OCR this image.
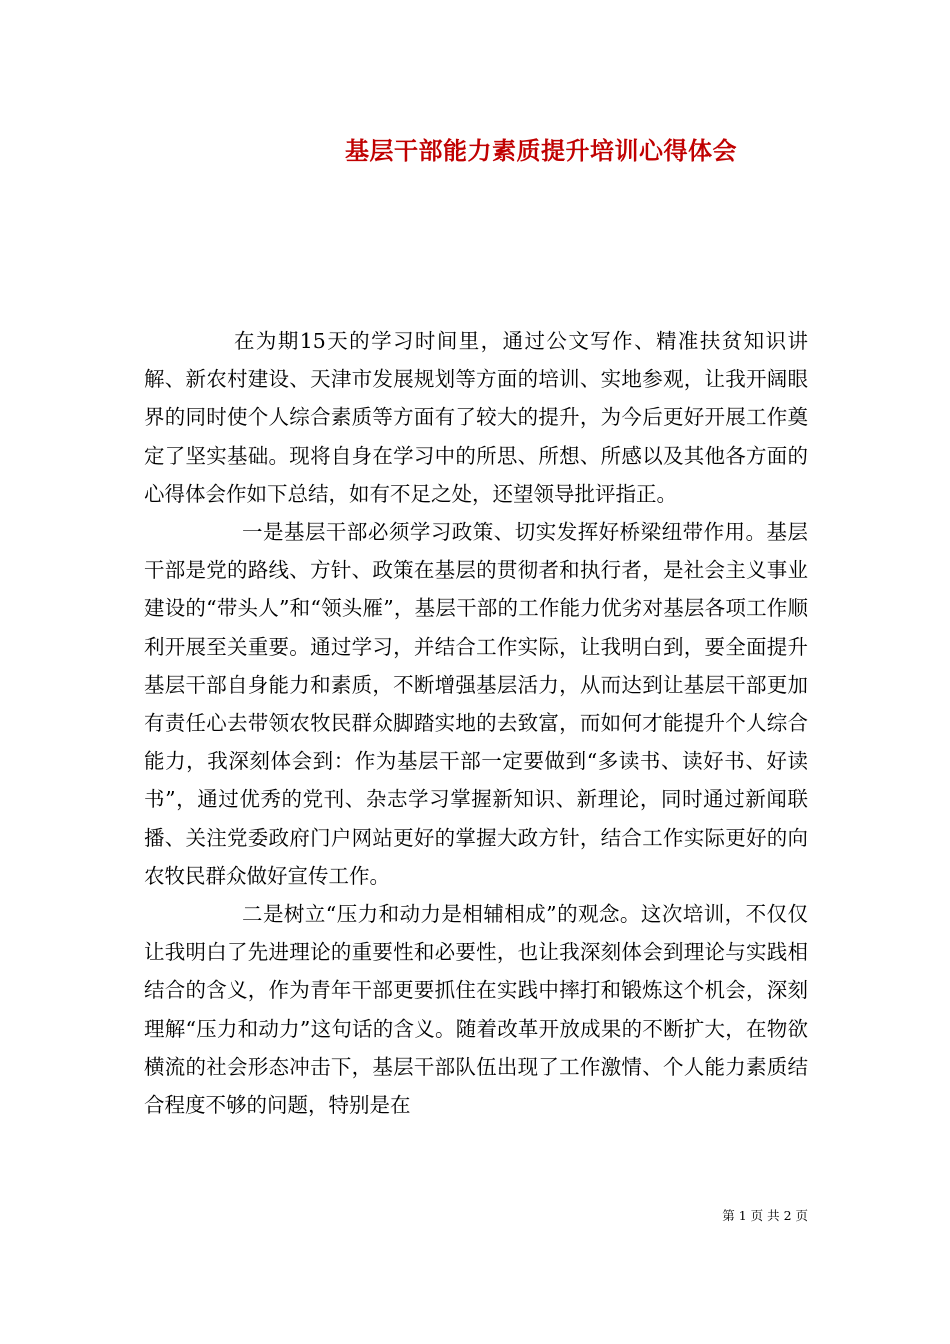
基层干部能力素质提升培训心得体会

在为期15天的学习时间里，通过公文写作、精准扶贫知识讲解、新农村建设、天津市发展规划等方面的培训、实地参观，让我开阔眼界的同时使个人综合素质等方面有了较大的提升，为今后更好开展工作奠定了坚实基础。现将自身在学习中的所思、所想、所感以及其他各方面的心得体会作如下总结，如有不足之处，还望领导批评指正。

一是基层干部必须学习政策、切实发挥好桥梁纽带作用。基层干部是党的路线、方针、政策在基层的贯彻者和执行者，是社会主义事业建设的“带头人”和“领头雁”，基层干部的工作能力优劣对基层各项工作顺利开展至关重要。通过学习，并结合工作实际，让我明白到，要全面提升基层干部自身能力和素质，不断增强基层活力，从而达到让基层干部更加有责任心去带领农牧民群众脚踏实地的去致富，而如何才能提升个人综合能力，我深刻体会到：作为基层干部一定要做到“多读书、读好书、好读书”，通过优秀的党刊、杂志学习掌握新知识、新理论，同时通过新闻联播、关注党委政府门户网站更好的掌握大政方针，结合工作实际更好的向农牧民群众做好宣传工作。

二是树立“压力和动力是相辅相成”的观念。这次培训，不仅仅让我明白了先进理论的重要性和必要性，也让我深刻体会到理论与实践相结合的含义，作为青年干部更要抓住在实践中摔打和锻炼这个机会，深刻理解“压力和动力”这句话的含义。随着改革开放成果的不断扩大，在物欲横流的社会形态冲击下，基层干部队伍出现了工作激情、个人能力素质结合程度不够的问题，特别是在

第 1 页 共 2 页
